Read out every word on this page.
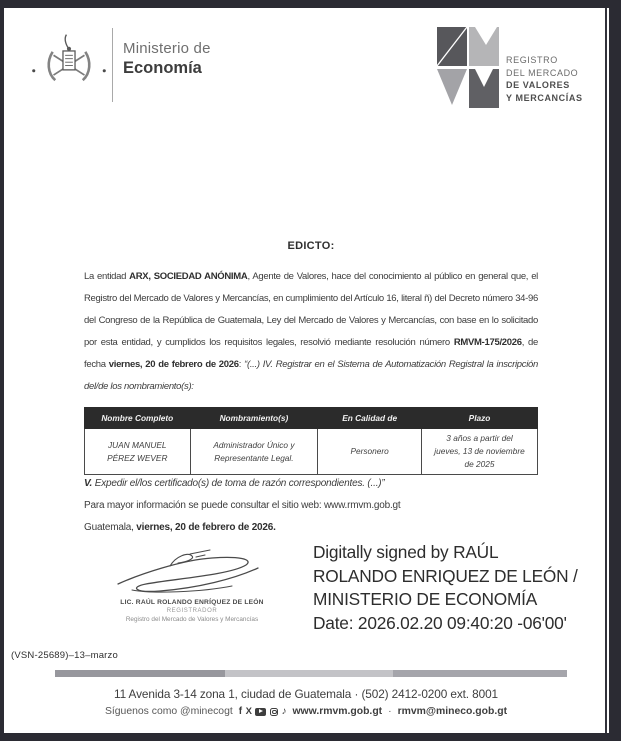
Ministerio de
Economía	REGISTRO
DEL MERCADO
DE VALORES
Y MERCANCÍAS
EDICTO:
La entidad ARX, SOCIEDAD ANÓNIMA, Agente de Valores, hace del conocimiento al público en general que, el Registro del Mercado de Valores y Mercancías, en cumplimiento del Artículo 16, literal ñ) del Decreto número 34-96 del Congreso de la República de Guatemala, Ley del Mercado de Valores y Mercancías, con base en lo solicitado por esta entidad, y cumplidos los requisitos legales, resolvió mediante resolución número RMVM-175/2026, de fecha viernes, 20 de febrero de 2026: “(...) IV. Registrar en el Sistema de Automatización Registral la inscripción del/de los nombramiento(s):
Nombre Completo	Nombramiento(s)	En Calidad de	Plazo
JUAN MANUEL PÉREZ WEVER	Administrador Único y Representante Legal.	Personero	3 años a partir del jueves, 13 de noviembre de 2025
V. Expedir el/los certificado(s) de toma de razón correspondientes. (...)”
Para mayor información se puede consultar el sitio web: www.rmvm.gob.gt
Guatemala, viernes, 20 de febrero de 2026.
LIC. RAÚL ROLANDO ENRÍQUEZ DE LEÓN
REGISTRADOR
Registro del Mercado de Valores y Mercancías
Digitally signed by RAÚL
ROLANDO ENRIQUEZ DE LEÓN /
MINISTERIO DE ECONOMÍA
Date: 2026.02.20 09:40:20 -06'00'
(VSN-25689)–13–marzo
11 Avenida 3-14 zona 1, ciudad de Guatemala · (502) 2412-0200 ext. 8001
Síguenos como @minecogt f X	♪ www.rmvm.gob.gt · rmvm@mineco.gob.gt
